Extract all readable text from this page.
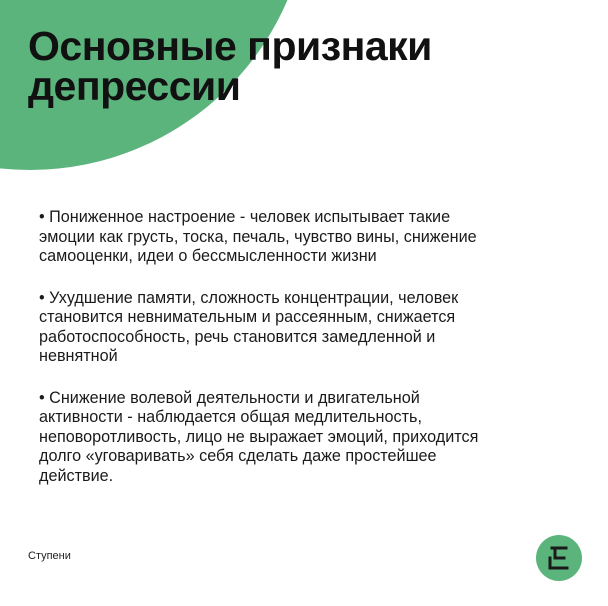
Основные признаки
депрессии
• Пониженное настроение - человек испытывает такие
эмоции как грусть, тоска, печаль, чувство вины, снижение
самооценки, идеи о бессмысленности жизни
• Ухудшение памяти, сложность концентрации, человек
становится невнимательным и рассеянным, снижается
работоспособность, речь становится замедленной и
невнятной
• Снижение волевой деятельности и двигательной
активности - наблюдается общая медлительность,
неповоротливость, лицо не выражает эмоций, приходится
долго «уговаривать» себя сделать даже простейшее
действие.
Ступени
